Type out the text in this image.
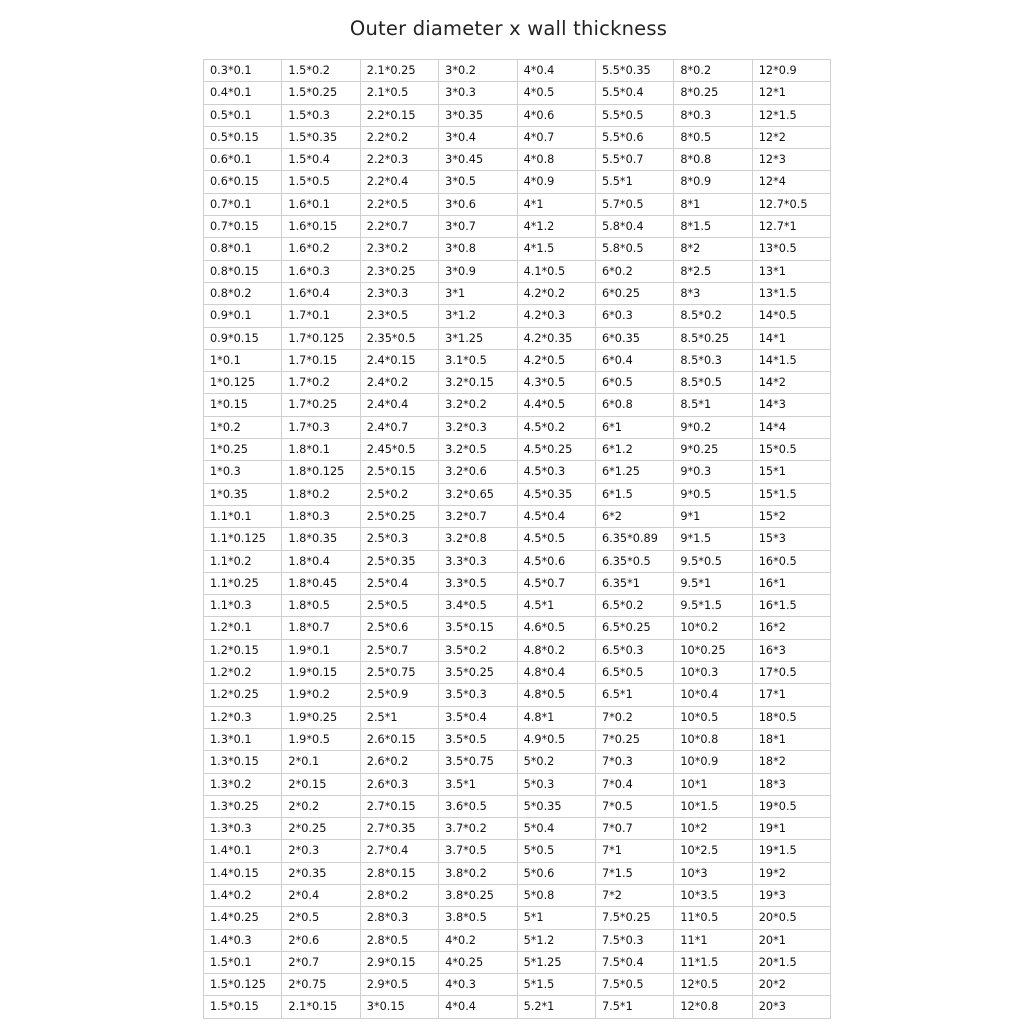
Outer diameter x wall thickness
0.3*0.1	1.5*0.2	2.1*0.25	3*0.2	4*0.4	5.5*0.35	8*0.2	12*0.9
0.4*0.1	1.5*0.25	2.1*0.5	3*0.3	4*0.5	5.5*0.4	8*0.25	12*1
0.5*0.1	1.5*0.3	2.2*0.15	3*0.35	4*0.6	5.5*0.5	8*0.3	12*1.5
0.5*0.15	1.5*0.35	2.2*0.2	3*0.4	4*0.7	5.5*0.6	8*0.5	12*2
0.6*0.1	1.5*0.4	2.2*0.3	3*0.45	4*0.8	5.5*0.7	8*0.8	12*3
0.6*0.15	1.5*0.5	2.2*0.4	3*0.5	4*0.9	5.5*1	8*0.9	12*4
0.7*0.1	1.6*0.1	2.2*0.5	3*0.6	4*1	5.7*0.5	8*1	12.7*0.5
0.7*0.15	1.6*0.15	2.2*0.7	3*0.7	4*1.2	5.8*0.4	8*1.5	12.7*1
0.8*0.1	1.6*0.2	2.3*0.2	3*0.8	4*1.5	5.8*0.5	8*2	13*0.5
0.8*0.15	1.6*0.3	2.3*0.25	3*0.9	4.1*0.5	6*0.2	8*2.5	13*1
0.8*0.2	1.6*0.4	2.3*0.3	3*1	4.2*0.2	6*0.25	8*3	13*1.5
0.9*0.1	1.7*0.1	2.3*0.5	3*1.2	4.2*0.3	6*0.3	8.5*0.2	14*0.5
0.9*0.15	1.7*0.125	2.35*0.5	3*1.25	4.2*0.35	6*0.35	8.5*0.25	14*1
1*0.1	1.7*0.15	2.4*0.15	3.1*0.5	4.2*0.5	6*0.4	8.5*0.3	14*1.5
1*0.125	1.7*0.2	2.4*0.2	3.2*0.15	4.3*0.5	6*0.5	8.5*0.5	14*2
1*0.15	1.7*0.25	2.4*0.4	3.2*0.2	4.4*0.5	6*0.8	8.5*1	14*3
1*0.2	1.7*0.3	2.4*0.7	3.2*0.3	4.5*0.2	6*1	9*0.2	14*4
1*0.25	1.8*0.1	2.45*0.5	3.2*0.5	4.5*0.25	6*1.2	9*0.25	15*0.5
1*0.3	1.8*0.125	2.5*0.15	3.2*0.6	4.5*0.3	6*1.25	9*0.3	15*1
1*0.35	1.8*0.2	2.5*0.2	3.2*0.65	4.5*0.35	6*1.5	9*0.5	15*1.5
1.1*0.1	1.8*0.3	2.5*0.25	3.2*0.7	4.5*0.4	6*2	9*1	15*2
1.1*0.125	1.8*0.35	2.5*0.3	3.2*0.8	4.5*0.5	6.35*0.89	9*1.5	15*3
1.1*0.2	1.8*0.4	2.5*0.35	3.3*0.3	4.5*0.6	6.35*0.5	9.5*0.5	16*0.5
1.1*0.25	1.8*0.45	2.5*0.4	3.3*0.5	4.5*0.7	6.35*1	9.5*1	16*1
1.1*0.3	1.8*0.5	2.5*0.5	3.4*0.5	4.5*1	6.5*0.2	9.5*1.5	16*1.5
1.2*0.1	1.8*0.7	2.5*0.6	3.5*0.15	4.6*0.5	6.5*0.25	10*0.2	16*2
1.2*0.15	1.9*0.1	2.5*0.7	3.5*0.2	4.8*0.2	6.5*0.3	10*0.25	16*3
1.2*0.2	1.9*0.15	2.5*0.75	3.5*0.25	4.8*0.4	6.5*0.5	10*0.3	17*0.5
1.2*0.25	1.9*0.2	2.5*0.9	3.5*0.3	4.8*0.5	6.5*1	10*0.4	17*1
1.2*0.3	1.9*0.25	2.5*1	3.5*0.4	4.8*1	7*0.2	10*0.5	18*0.5
1.3*0.1	1.9*0.5	2.6*0.15	3.5*0.5	4.9*0.5	7*0.25	10*0.8	18*1
1.3*0.15	2*0.1	2.6*0.2	3.5*0.75	5*0.2	7*0.3	10*0.9	18*2
1.3*0.2	2*0.15	2.6*0.3	3.5*1	5*0.3	7*0.4	10*1	18*3
1.3*0.25	2*0.2	2.7*0.15	3.6*0.5	5*0.35	7*0.5	10*1.5	19*0.5
1.3*0.3	2*0.25	2.7*0.35	3.7*0.2	5*0.4	7*0.7	10*2	19*1
1.4*0.1	2*0.3	2.7*0.4	3.7*0.5	5*0.5	7*1	10*2.5	19*1.5
1.4*0.15	2*0.35	2.8*0.15	3.8*0.2	5*0.6	7*1.5	10*3	19*2
1.4*0.2	2*0.4	2.8*0.2	3.8*0.25	5*0.8	7*2	10*3.5	19*3
1.4*0.25	2*0.5	2.8*0.3	3.8*0.5	5*1	7.5*0.25	11*0.5	20*0.5
1.4*0.3	2*0.6	2.8*0.5	4*0.2	5*1.2	7.5*0.3	11*1	20*1
1.5*0.1	2*0.7	2.9*0.15	4*0.25	5*1.25	7.5*0.4	11*1.5	20*1.5
1.5*0.125	2*0.75	2.9*0.5	4*0.3	5*1.5	7.5*0.5	12*0.5	20*2
1.5*0.15	2.1*0.15	3*0.15	4*0.4	5.2*1	7.5*1	12*0.8	20*3
